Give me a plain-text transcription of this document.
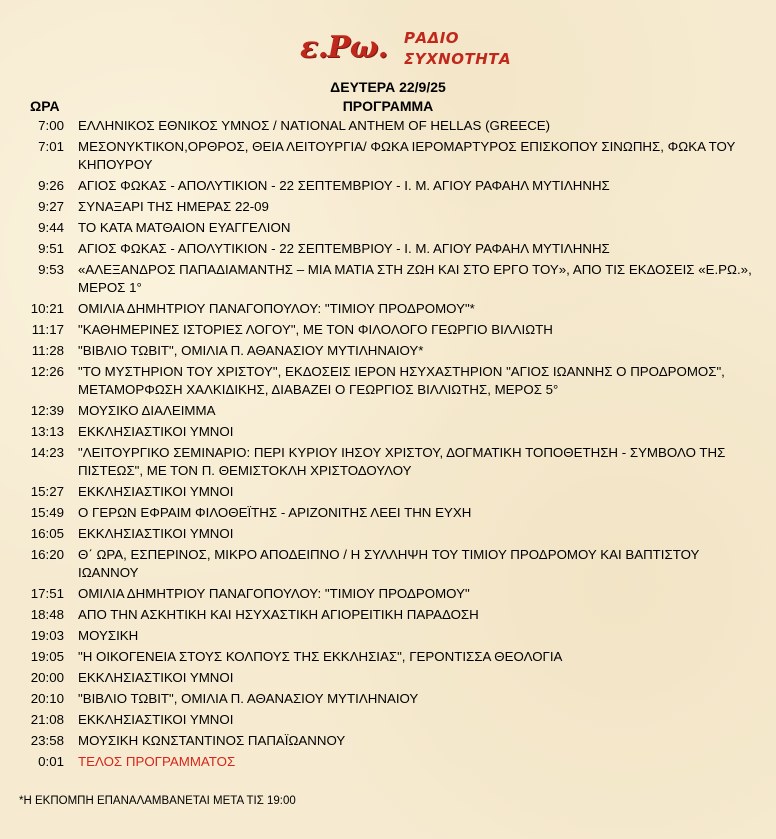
ε.Ρω. ΡΑΔΙΟ
ΣΥΧΝΟΤΗΤΑ
ΔΕΥΤΕΡΑ 22/9/25
ΩΡΑ	ΠΡΟΓΡΑΜΜΑ
7:00 ΕΛΛΗΝΙΚΟΣ ΕΘΝΙΚΟΣ ΥΜΝΟΣ / NATIONAL ANTHEM OF HELLAS (GREECE)
7:01 ΜΕΣΟΝΥΚΤΙΚΟΝ,ΟΡΘΡΟΣ, ΘΕΙΑ ΛΕΙΤΟΥΡΓΙΑ/ ΦΩΚΑ ΙΕΡΟΜΑΡΤΥΡΟΣ ΕΠΙΣΚΟΠΟΥ ΣΙΝΩΠΗΣ, ΦΩΚΑ ΤΟΥ ΚΗΠΟΥΡΟΥ
9:26 ΑΓΙΟΣ ΦΩΚΑΣ - ΑΠΟΛΥΤΙΚΙΟΝ - 22 ΣΕΠΤΕΜΒΡΙΟΥ - Ι. Μ. ΑΓΙΟΥ ΡΑΦΑΗΛ ΜΥΤΙΛΗΝΗΣ
9:27 ΣΥΝΑΞΑΡΙ ΤΗΣ ΗΜΕΡΑΣ 22-09
9:44 ΤΟ ΚΑΤΑ ΜΑΤΘΑΙΟΝ ΕΥΑΓΓΕΛΙΟΝ
9:51 ΑΓΙΟΣ ΦΩΚΑΣ - ΑΠΟΛΥΤΙΚΙΟΝ - 22 ΣΕΠΤΕΜΒΡΙΟΥ - Ι. Μ. ΑΓΙΟΥ ΡΑΦΑΗΛ ΜΥΤΙΛΗΝΗΣ
9:53 «ΑΛΕΞΑΝΔΡΟΣ ΠΑΠΑΔΙΑΜΑΝΤΗΣ – ΜΙΑ ΜΑΤΙΑ ΣΤΗ ΖΩΗ ΚΑΙ ΣΤΟ ΕΡΓΟ ΤΟΥ», ΑΠΟ ΤΙΣ ΕΚΔΟΣΕΙΣ «Ε.ΡΩ.», ΜΕΡΟΣ 1°
10:21 ΟΜΙΛΙΑ ΔΗΜΗΤΡΙΟΥ ΠΑΝΑΓΟΠΟΥΛΟΥ: "ΤΙΜΙΟΥ ΠΡΟΔΡΟΜΟΥ"*
11:17 "ΚΑΘΗΜΕΡΙΝΕΣ ΙΣΤΟΡΙΕΣ ΛΟΓΟΥ", ΜΕ ΤΟΝ ΦΙΛΟΛΟΓΟ ΓΕΩΡΓΙΟ ΒΙΛΛΙΩΤΗ
11:28 "ΒΙΒΛΙΟ ΤΩΒΙΤ", ΟΜΙΛΙΑ Π. ΑΘΑΝΑΣΙΟΥ ΜΥΤΙΛΗΝΑΙΟΥ*
12:26 "ΤΟ ΜΥΣΤΗΡΙΟΝ ΤΟΥ ΧΡΙΣΤΟΥ", ΕΚΔΟΣΕΙΣ ΙΕΡΟΝ ΗΣΥΧΑΣΤΗΡΙΟΝ "ΑΓΙΟΣ ΙΩΑΝΝΗΣ Ο ΠΡΟΔΡΟΜΟΣ", ΜΕΤΑΜΟΡΦΩΣΗ ΧΑΛΚΙΔΙΚΗΣ, ΔΙΑΒΑΖΕΙ Ο ΓΕΩΡΓΙΟΣ ΒΙΛΛΙΩΤΗΣ, ΜΕΡΟΣ 5°
12:39 ΜΟΥΣΙΚΟ ΔΙΑΛΕΙΜΜΑ
13:13 ΕΚΚΛΗΣΙΑΣΤΙΚΟΙ ΥΜΝΟΙ
14:23 "ΛΕΙΤΟΥΡΓΙΚΟ ΣΕΜΙΝΑΡΙΟ: ΠΕΡΙ ΚΥΡΙΟΥ ΙΗΣΟΥ ΧΡΙΣΤΟΥ, ΔΟΓΜΑΤΙΚΗ ΤΟΠΟΘΕΤΗΣΗ - ΣΥΜΒΟΛΟ ΤΗΣ ΠΙΣΤΕΩΣ", ΜΕ ΤΟΝ Π. ΘΕΜΙΣΤΟΚΛΗ ΧΡΙΣΤΟΔΟΥΛΟΥ
15:27 ΕΚΚΛΗΣΙΑΣΤΙΚΟΙ ΥΜΝΟΙ
15:49 Ο ΓΕΡΩΝ ΕΦΡΑΙΜ ΦΙΛΟΘΕΪΤΗΣ - ΑΡΙΖΟΝΙΤΗΣ ΛΕΕΙ ΤΗΝ ΕΥΧΗ
16:05 ΕΚΚΛΗΣΙΑΣΤΙΚΟΙ ΥΜΝΟΙ
16:20 Θ΄ ΩΡΑ, ΕΣΠΕΡΙΝΟΣ, ΜΙΚΡΟ ΑΠΟΔΕΙΠΝΟ / Η ΣΥΛΛΗΨΗ ΤΟΥ ΤΙΜΙΟΥ ΠΡΟΔΡΟΜΟΥ ΚΑΙ ΒΑΠΤΙΣΤΟΥ ΙΩΑΝΝΟΥ
17:51 ΟΜΙΛΙΑ ΔΗΜΗΤΡΙΟΥ ΠΑΝΑΓΟΠΟΥΛΟΥ: "ΤΙΜΙΟΥ ΠΡΟΔΡΟΜΟΥ"
18:48 ΑΠΟ ΤΗΝ ΑΣΚΗΤΙΚΗ ΚΑΙ ΗΣΥΧΑΣΤΙΚΗ ΑΓΙΟΡΕΙΤΙΚΗ ΠΑΡΑΔΟΣΗ
19:03 ΜΟΥΣΙΚΗ
19:05 "Η ΟΙΚΟΓΕΝΕΙΑ ΣΤΟΥΣ ΚΟΛΠΟΥΣ ΤΗΣ ΕΚΚΛΗΣΙΑΣ", ΓΕΡΟΝΤΙΣΣΑ ΘΕΟΛΟΓΙΑ
20:00 ΕΚΚΛΗΣΙΑΣΤΙΚΟΙ ΥΜΝΟΙ
20:10 "ΒΙΒΛΙΟ ΤΩΒΙΤ", ΟΜΙΛΙΑ Π. ΑΘΑΝΑΣΙΟΥ ΜΥΤΙΛΗΝΑΙΟΥ
21:08 ΕΚΚΛΗΣΙΑΣΤΙΚΟΙ ΥΜΝΟΙ
23:58 ΜΟΥΣΙΚΗ ΚΩΝΣΤΑΝΤΙΝΟΣ ΠΑΠΑΪΩΑΝΝΟΥ
0:01 ΤΕΛΟΣ ΠΡΟΓΡΑΜΜΑΤΟΣ
*Η ΕΚΠΟΜΠΗ ΕΠΑΝΑΛΑΜΒΑΝΕΤΑΙ ΜΕΤΑ ΤΙΣ 19:00
